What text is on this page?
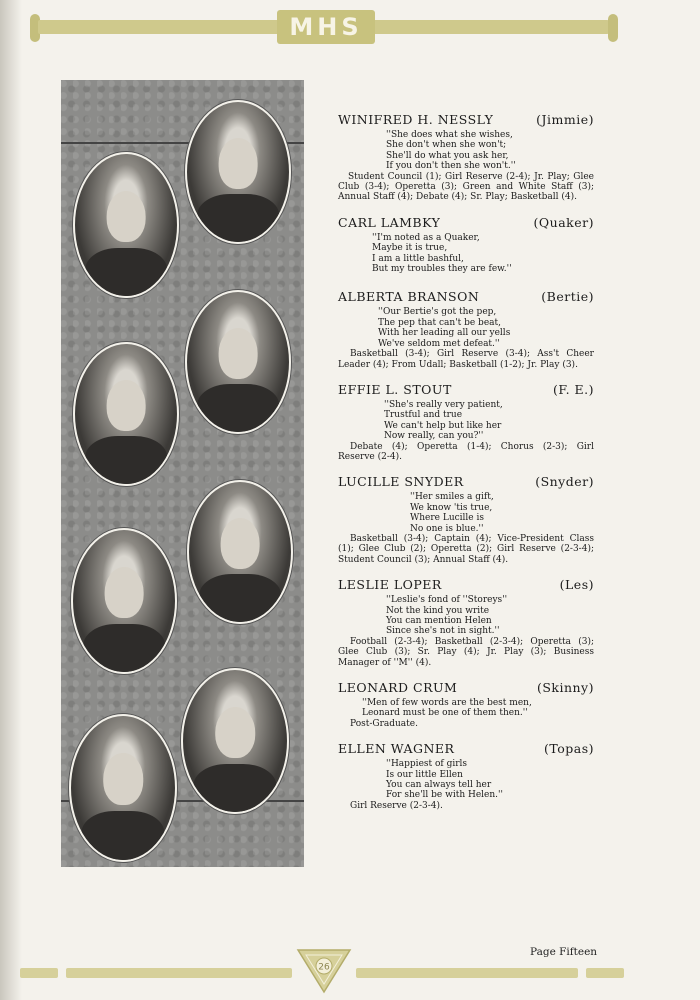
MHS
WINIFRED H. NESSLY	(Jimmie)

''She does what she wishes,
She don't when she won't;
She'll do what you ask her,
If you don't then she won't.''

Student Council (1); Girl Reserve (2-4); Jr. Play; Glee Club (3-4); Operetta (3); Green and White Staff (3); Annual Staff (4); Debate (4); Sr. Play; Basketball (4).

CARL LAMBKY	(Quaker)

''I'm noted as a Quaker,
Maybe it is true,
I am a little bashful,
But my troubles they are few.''

ALBERTA BRANSON	(Bertie)

''Our Bertie's got the pep,
The pep that can't be beat,
With her leading all our yells
We've seldom met defeat.''

Basketball (3-4); Girl Reserve (3-4); Ass't Cheer Leader (4); From Udall; Basketball (1-2); Jr. Play (3).

EFFIE L. STOUT	(F. E.)

''She's really very patient,
Trustful and true
We can't help but like her
Now really, can you?''

Debate (4); Operetta (1-4); Chorus (2-3); Girl Reserve (2-4).

LUCILLE SNYDER	(Snyder)

''Her smiles a gift,
We know 'tis true,
Where Lucille is
No one is blue.''

Basketball (3-4); Captain (4); Vice-President Class (1); Glee Club (2); Operetta (2); Girl Reserve (2-3-4); Student Council (3); Annual Staff (4).

LESLIE LOPER	(Les)

''Leslie's fond of ''Storeys''
Not the kind you write
You can mention Helen
Since she's not in sight.''

Football (2-3-4); Basketball (2-3-4); Operetta (3); Glee Club (3); Sr. Play (4); Jr. Play (3); Business Manager of ''M'' (4).

LEONARD CRUM	(Skinny)

''Men of few words are the best men,
Leonard must be one of them then.''

Post-Graduate.

ELLEN WAGNER	(Topas)

''Happiest of girls
Is our little Ellen
You can always tell her
For she'll be with Helen.''

Girl Reserve (2-3-4).

Page Fifteen
26
